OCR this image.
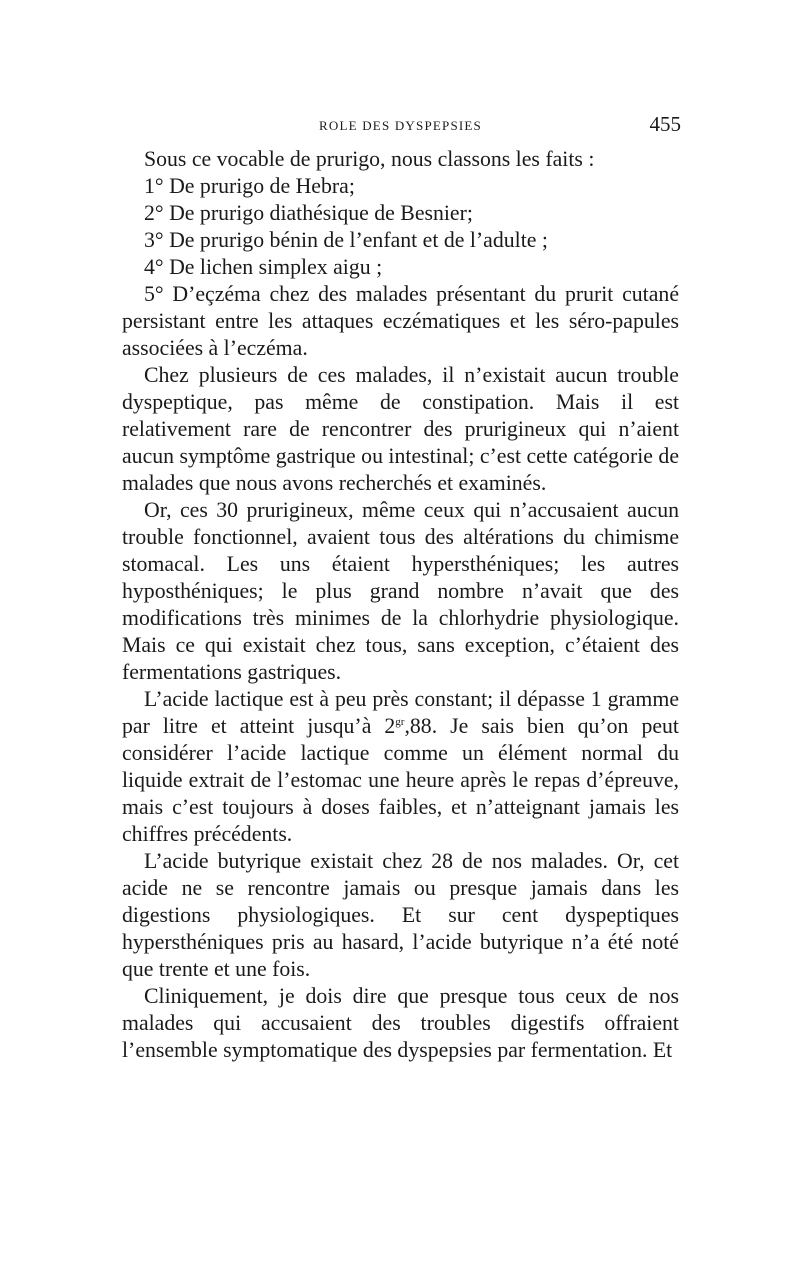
ROLE DES DYSPEPSIES	455

Sous ce vocable de prurigo, nous classons les faits :

1° De prurigo de Hebra;

2° De prurigo diathésique de Besnier;

3° De prurigo bénin de l’enfant et de l’adulte ;

4° De lichen simplex aigu ;

5° D’eçzéma chez des malades présentant du prurit cutané persistant entre les attaques eczématiques et les séro-papules associées à l’eczéma.

Chez plusieurs de ces malades, il n’existait aucun trouble dyspeptique, pas même de constipation. Mais il est relativement rare de rencontrer des prurigineux qui n’aient aucun symptôme gastrique ou intestinal; c’est cette catégorie de malades que nous avons recherchés et examinés.

Or, ces 30 prurigineux, même ceux qui n’accusaient aucun trouble fonctionnel, avaient tous des altérations du chimisme stomacal. Les uns étaient hypersthéniques; les autres hyposthéniques; le plus grand nombre n’avait que des modifications très minimes de la chlorhydrie physiologique. Mais ce qui existait chez tous, sans exception, c’étaient des fermentations gastriques.

L’acide lactique est à peu près constant; il dépasse 1 gramme par litre et atteint jusqu’à $2^{gr},88$. Je sais bien qu’on peut considérer l’acide lactique comme un élément normal du liquide extrait de l’estomac une heure après le repas d’épreuve, mais c’est toujours à doses faibles, et n’atteignant jamais les chiffres précédents.

L’acide butyrique existait chez 28 de nos malades. Or, cet acide ne se rencontre jamais ou presque jamais dans les digestions physiologiques. Et sur cent dyspeptiques hypersthéniques pris au hasard, l’acide butyrique n’a été noté que trente et une fois.

Cliniquement, je dois dire que presque tous ceux de nos malades qui accusaient des troubles digestifs offraient l’ensemble symptomatique des dyspepsies par fermentation. Et
